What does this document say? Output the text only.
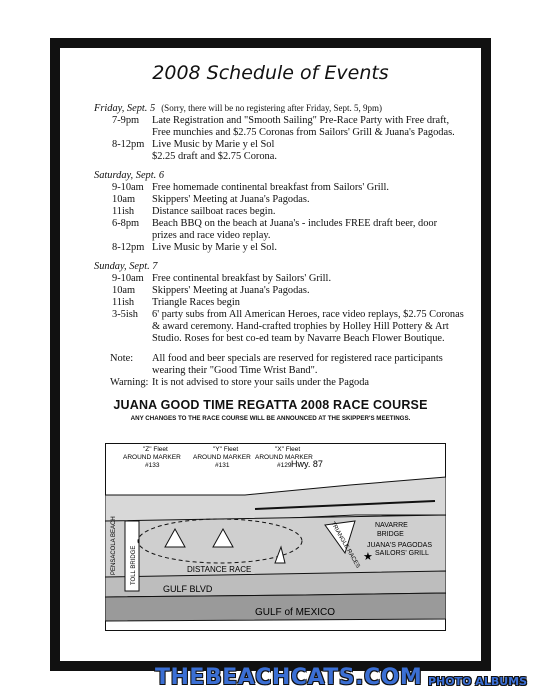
2008 Schedule of Events
Friday, Sept. 5 (Sorry, there will be no registering after Friday, Sept. 5, 9pm)
7-9pm	Late Registration and "Smooth Sailing" Pre-Race Party with Free draft, Free munchies and $2.75 Coronas from Sailors' Grill & Juana's Pagodas.
8-12pm Live Music by Marie y el Sol
$2.25 draft and $2.75 Corona.
Saturday, Sept. 6
9-10am Free homemade continental breakfast from Sailors' Grill.
10am	Skippers' Meeting at Juana's Pagodas.
11ish	Distance sailboat races begin.
6-8pm	Beach BBQ on the beach at Juana's - includes FREE draft beer, door prizes and race video replay.
8-12pm Live Music by Marie y el Sol.
Sunday, Sept. 7
9-10am Free continental breakfast by Sailors' Grill.
10am	Skippers' Meeting at Juana's Pagodas.
11ish	Triangle Races begin
3-5ish	6' party subs from All American Heroes, race video replays, $2.75 Coronas & award ceremony. Hand-crafted trophies by Holley Hill Pottery & Art Studio. Roses for best co-ed team by Navarre Beach Flower Boutique.
Note:	All food and beer specials are reserved for registered race participants wearing their "Good Time Wrist Band".
Warning: It is not advised to store your sails under the Pagoda
JUANA GOOD TIME REGATTA 2008 RACE COURSE
ANY CHANGES TO THE RACE COURSE WILL BE ANNOUNCED AT THE SKIPPER'S MEETINGS.
★
Hwy. 87
"Z" Fleet
AROUND MARKER
#133
"Y" Fleet
AROUND MARKER
#131
"X" Fleet
AROUND MARKER
#129
PENSACOLA BEACH TOLL BRIDGE	TRIANGLE RACES NAVARRE
BRIDGE
JUANA'S PAGODAS
SAILORS' GRILL
DISTANCE RACE
GULF BLVD
GULF of MEXICO
THEBEACHCATS.COM PHOTO ALBUMS
